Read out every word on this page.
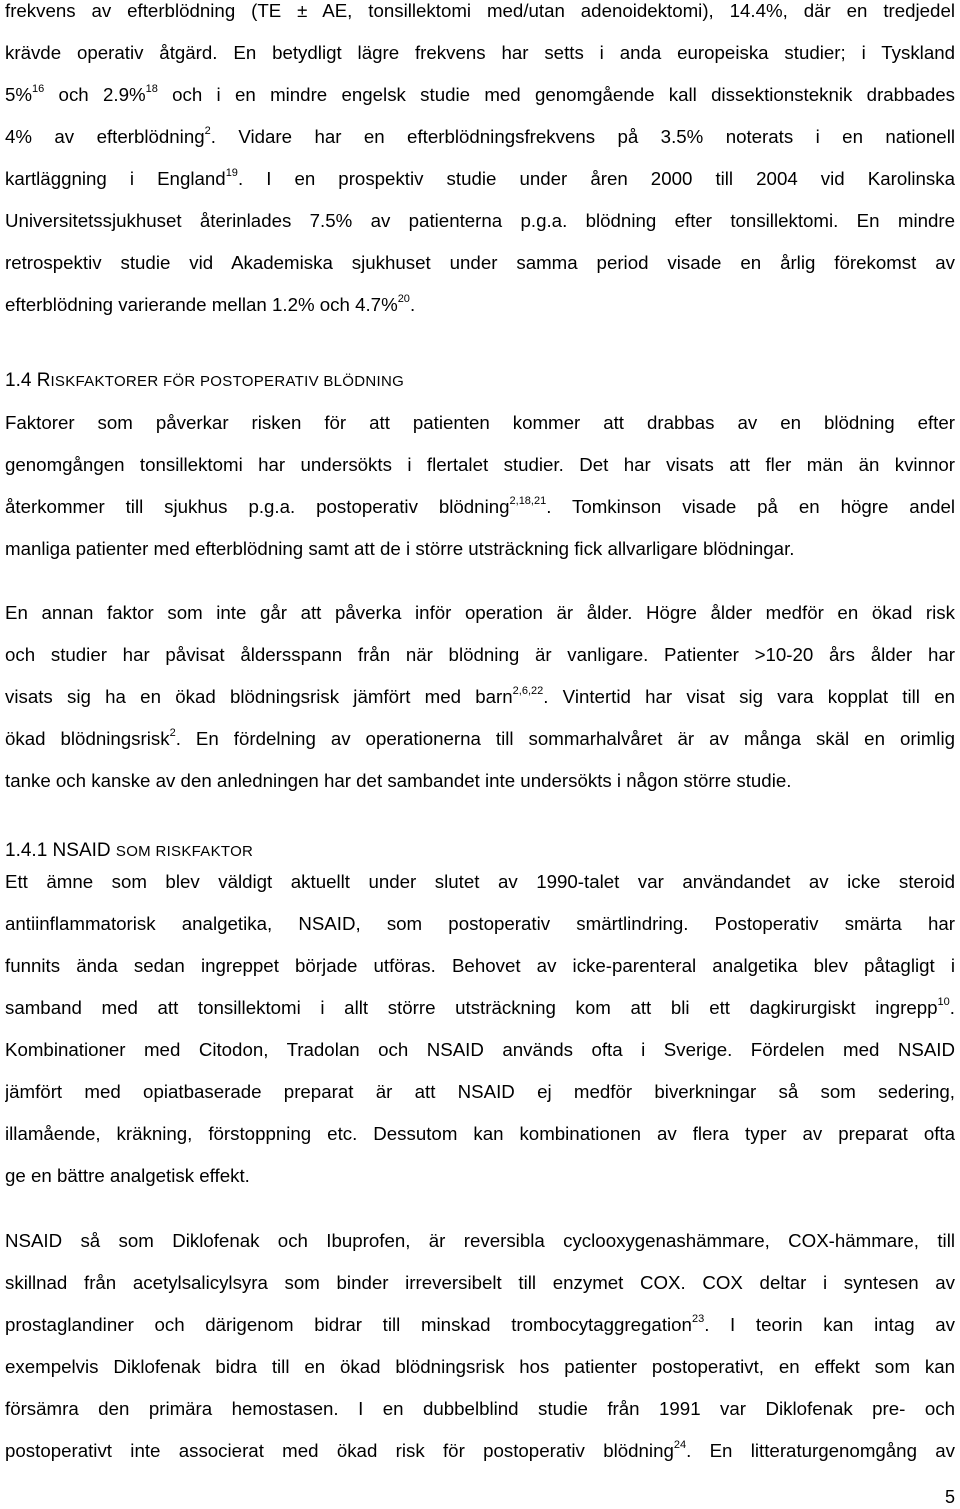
frekvens av efterblödning (TE ± AE, tonsillektomi med/utan adenoidektomi), 14.4%, där en tredjedel
krävde operativ åtgärd. En betydligt lägre frekvens har setts i anda europeiska studier; i Tyskland
5%$^{16}$ och 2.9%$^{18}$ och i en mindre engelsk studie med genomgående kall dissektionsteknik drabbades
4% av efterblödning$^2$. Vidare har en efterblödningsfrekvens på 3.5% noterats i en nationell
kartläggning i England$^{19}$. I en prospektiv studie under åren 2000 till 2004 vid Karolinska
Universitetssjukhuset återinlades 7.5% av patienterna p.g.a. blödning efter tonsillektomi. En mindre
retrospektiv studie vid Akademiska sjukhuset under samma period visade en årlig förekomst av
efterblödning varierande mellan 1.2% och 4.7%$^{20}$.
1.4 RISKFAKTORER FÖR POSTOPERATIV BLÖDNING
Faktorer som påverkar risken för att patienten kommer att drabbas av en blödning efter
genomgången tonsillektomi har undersökts i flertalet studier. Det har visats att fler män än kvinnor
återkommer till sjukhus p.g.a. postoperativ blödning$^{2,18,21}$. Tomkinson visade på en högre andel
manliga patienter med efterblödning samt att de i större utsträckning fick allvarligare blödningar.
En annan faktor som inte går att påverka inför operation är ålder. Högre ålder medför en ökad risk
och studier har påvisat åldersspann från när blödning är vanligare. Patienter >10-20 års ålder har
visats sig ha en ökad blödningsrisk jämfört med barn$^{2,6,22}$. Vintertid har visat sig vara kopplat till en
ökad blödningsrisk$^2$. En fördelning av operationerna till sommarhalvåret är av många skäl en orimlig
tanke och kanske av den anledningen har det sambandet inte undersökts i någon större studie.
1.4.1 NSAID SOM RISKFAKTOR
Ett ämne som blev väldigt aktuellt under slutet av 1990-talet var användandet av icke steroid
antiinflammatorisk analgetika, NSAID, som postoperativ smärtlindring. Postoperativ smärta har
funnits ända sedan ingreppet började utföras. Behovet av icke-parenteral analgetika blev påtagligt i
samband med att tonsillektomi i allt större utsträckning kom att bli ett dagkirurgiskt ingrepp$^{10}$.
Kombinationer med Citodon, Tradolan och NSAID används ofta i Sverige. Fördelen med NSAID
jämfört med opiatbaserade preparat är att NSAID ej medför biverkningar så som sedering,
illamående, kräkning, förstoppning etc. Dessutom kan kombinationen av flera typer av preparat ofta
ge en bättre analgetisk effekt.
NSAID så som Diklofenak och Ibuprofen, är reversibla cyclooxygenashämmare, COX-hämmare, till
skillnad från acetylsalicylsyra som binder irreversibelt till enzymet COX. COX deltar i syntesen av
prostaglandiner och därigenom bidrar till minskad trombocytaggregation$^{23}$. I teorin kan intag av
exempelvis Diklofenak bidra till en ökad blödningsrisk hos patienter postoperativt, en effekt som kan
försämra den primära hemostasen. I en dubbelblind studie från 1991 var Diklofenak pre- och
postoperativt inte associerat med ökad risk för postoperativ blödning$^{24}$. En litteraturgenomgång av
5
